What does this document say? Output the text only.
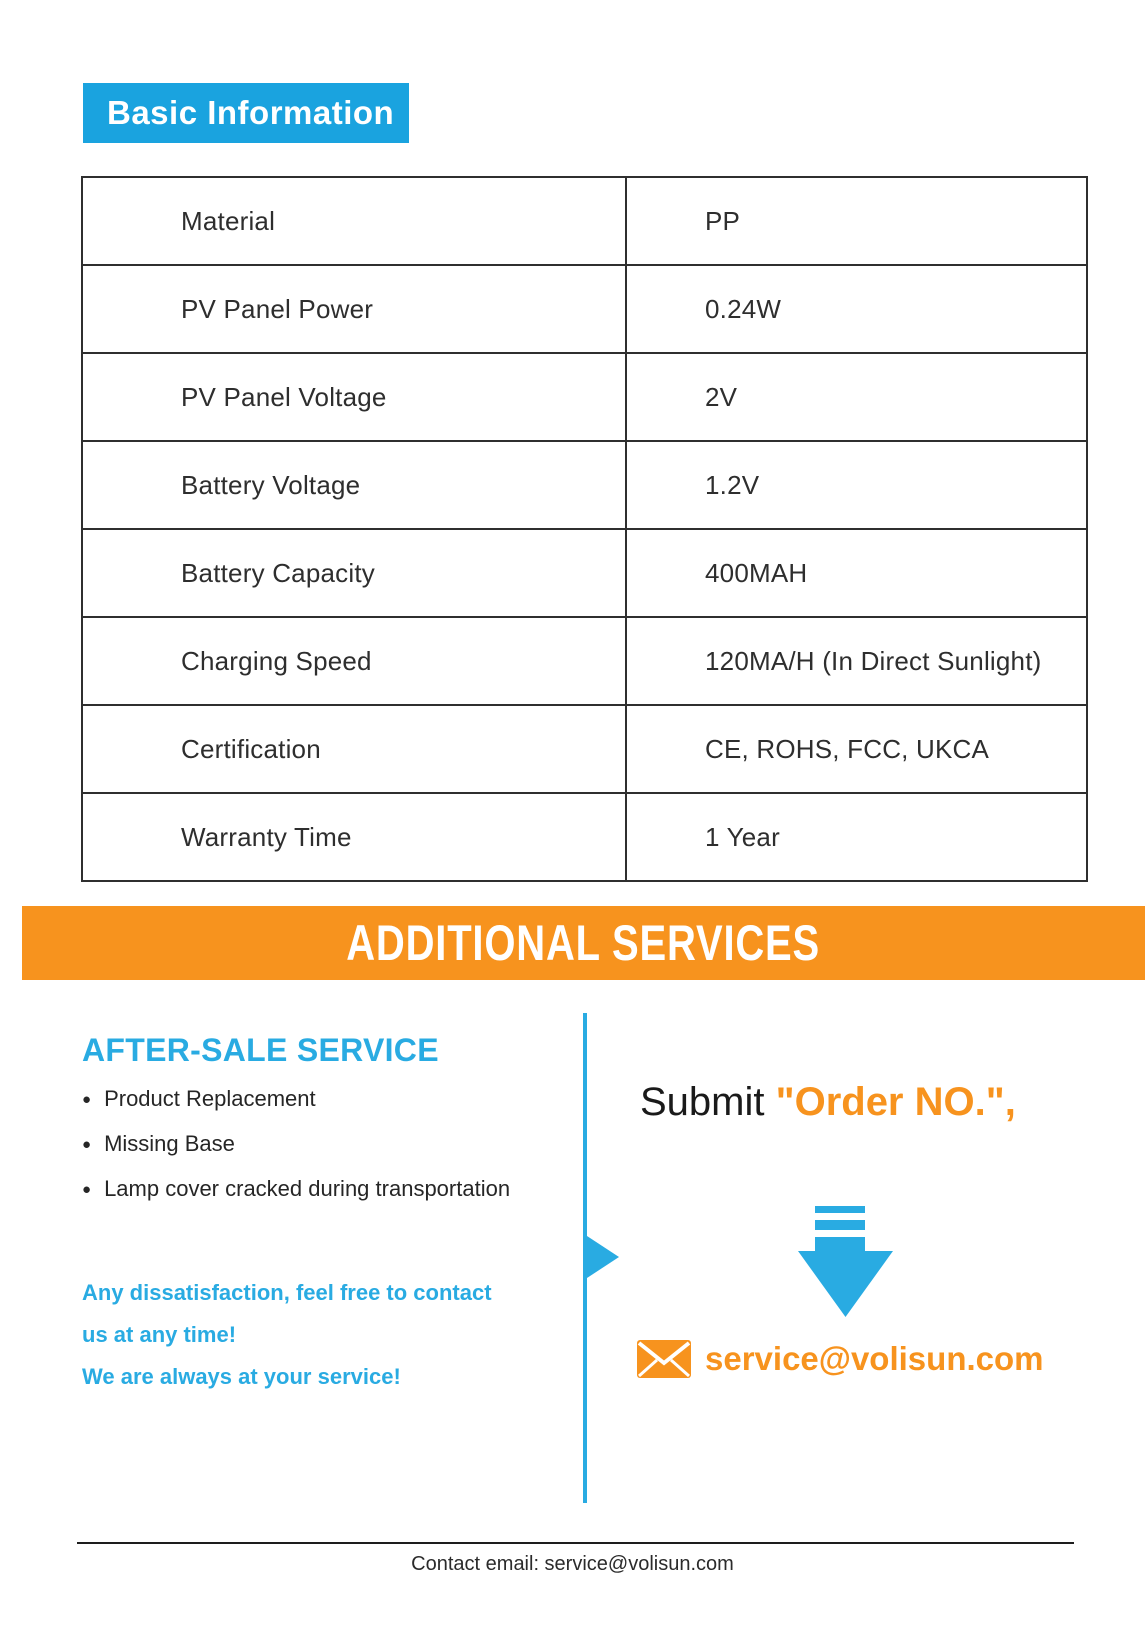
Basic Information
Material	PP
PV Panel Power	0.24W
PV Panel Voltage	2V
Battery Voltage	1.2V
Battery Capacity	400MAH
Charging Speed	120MA/H (In Direct Sunlight)
Certification	CE, ROHS, FCC, UKCA
Warranty Time	1 Year
ADDITIONAL SERVICES
AFTER-SALE SERVICE
● Product Replacement
● Missing Base
● Lamp cover cracked during transportation
Any dissatisfaction, feel free to contact
us at any time!
We are always at your service!
Submit "Order NO.",
service@volisun.com
Contact email: service@volisun.com
